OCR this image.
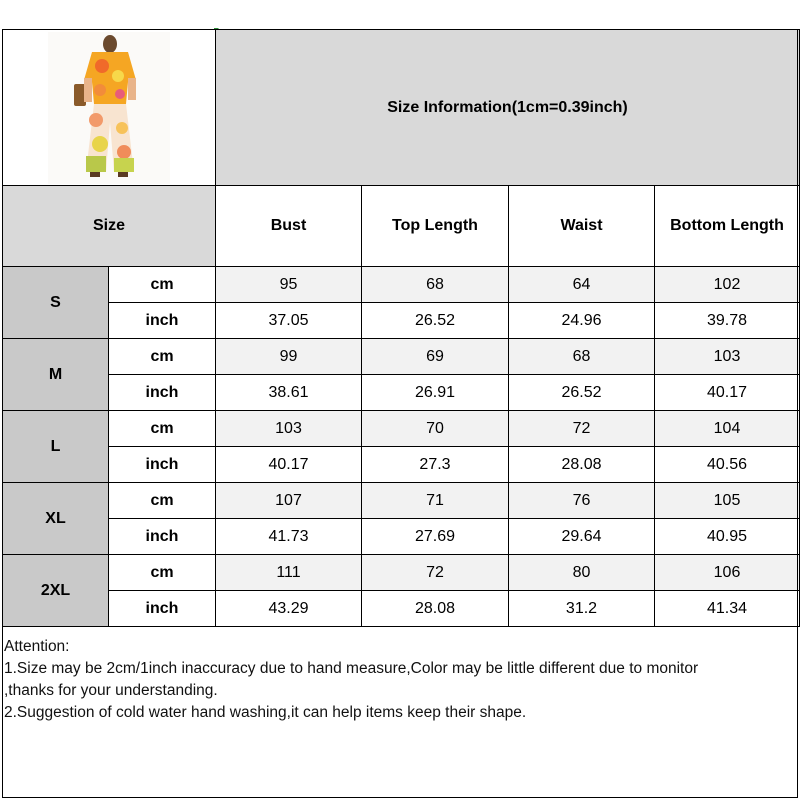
	Size Information(1cm=0.39inch)			
Size		Bust	Top Length	Waist	Bottom Length
S	cm	95	68	64	102
	inch	37.05	26.52	24.96	39.78
M	cm	99	69	68	103
	inch	38.61	26.91	26.52	40.17
L	cm	103	70	72	104
	inch	40.17	27.3	28.08	40.56
XL	cm	107	71	76	105
	inch	41.73	27.69	29.64	40.95
2XL	cm	111	72	80	106
	inch	43.29	28.08	31.2	41.34
Attention:
1.Size may be 2cm/1inch inaccuracy due to hand measure,Color may be little different due to monitor
,thanks for your understanding.
2.Suggestion of cold water hand washing,it can help items keep their shape.
